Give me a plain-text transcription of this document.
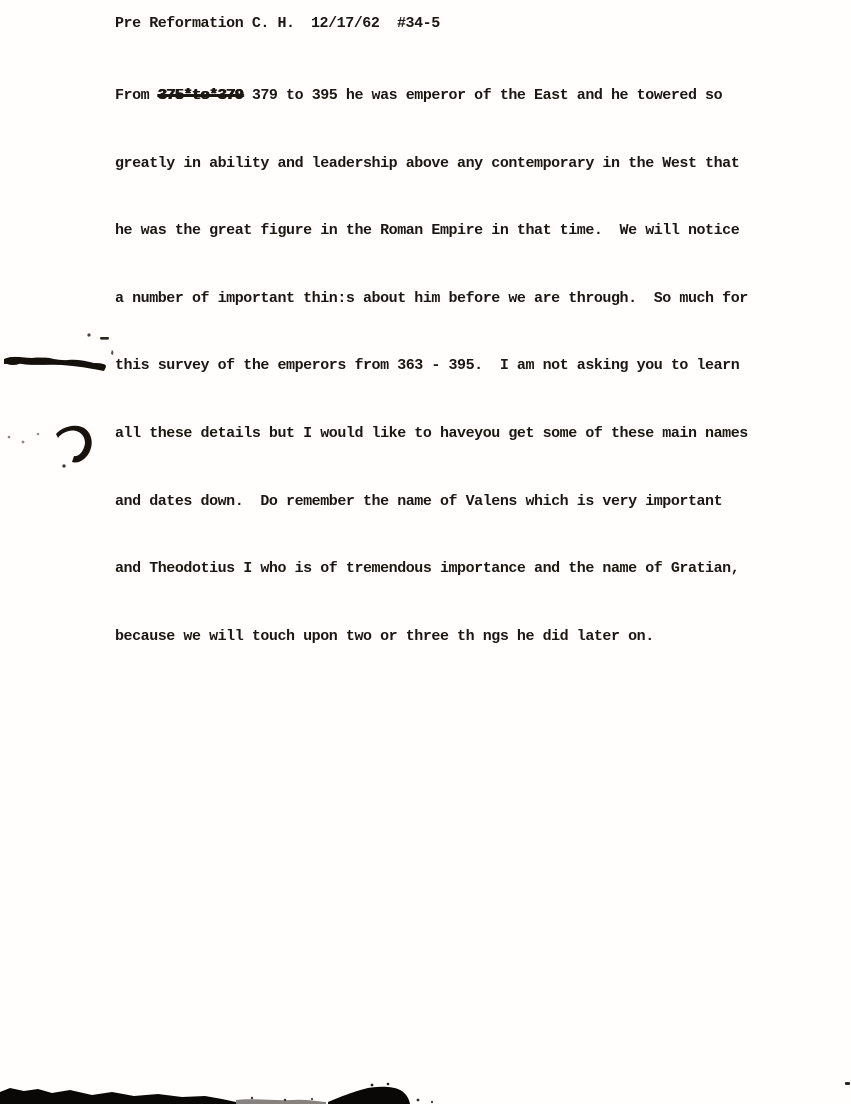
Pre Reformation C. H.

12/17/62

#34-5

From 375*to*379 379 to 395 he was emperor of the East and he towered so

greatly in ability and leadership above any contemporary in the West that

he was the great figure in the Roman Empire in that time.  We will notice

a number of important thin:s about him before we are through.  So much for

this survey of the emperors from 363 - 395.  I am not asking you to learn

all these details but I would like to haveyou get some of these main names

and dates down.  Do remember the name of Valens which is very important

and Theodotius I who is of tremendous importance and the name of Gratian,

because we will touch upon two or three th ngs he did later on.
